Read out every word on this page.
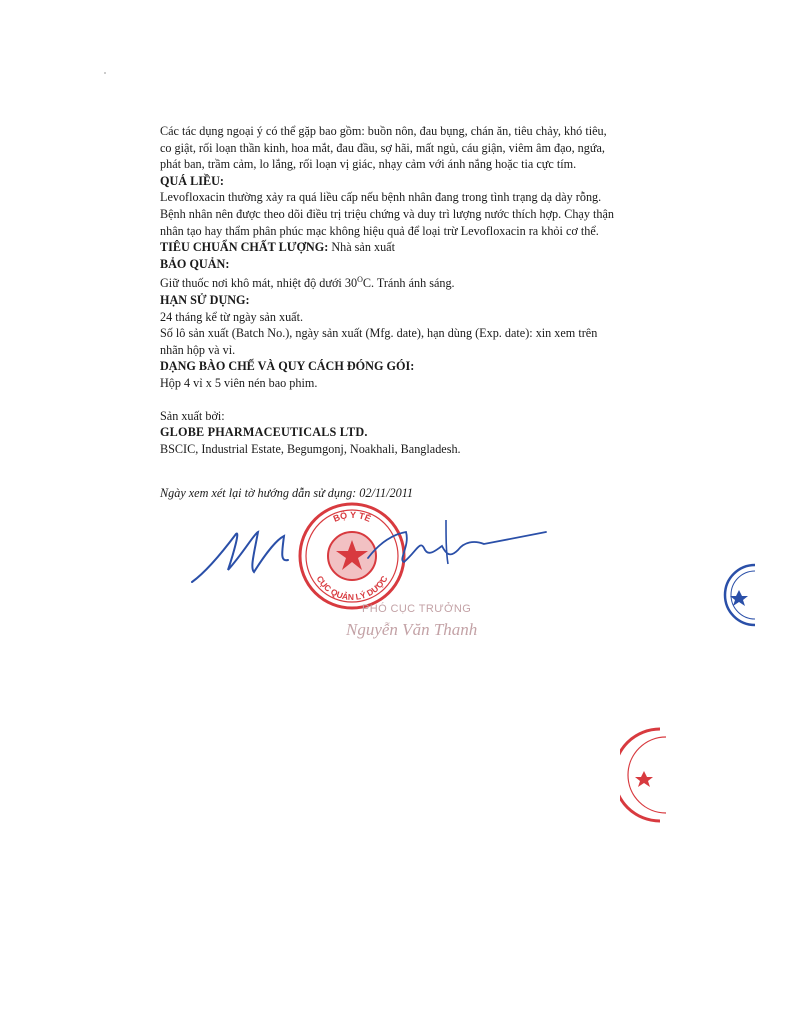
Các tác dụng ngoại ý có thể gặp bao gồm: buồn nôn, đau bụng, chán ăn, tiêu chảy, khó tiêu,

co giật, rối loạn thần kinh, hoa mắt, đau đầu, sợ hãi, mất ngủ, cáu giận, viêm âm đạo, ngứa,

phát ban, trầm cảm, lo lắng, rối loạn vị giác, nhạy cảm với ánh nắng hoặc tia cực tím.

QUÁ LIỀU:

Levofloxacin thường xảy ra quá liều cấp nếu bệnh nhân đang trong tình trạng dạ dày rỗng.

Bệnh nhân nên được theo dõi điều trị triệu chứng và duy trì lượng nước thích hợp. Chạy thận

nhân tạo hay thẩm phân phúc mạc không hiệu quả để loại trừ Levofloxacin ra khỏi cơ thể.

TIÊU CHUẨN CHẤT LƯỢNG: Nhà sản xuất

BẢO QUẢN:

Giữ thuốc nơi khô mát, nhiệt độ dưới $30^OC$. Tránh ánh sáng.

HẠN SỬ DỤNG:

24 tháng kể từ ngày sản xuất.

Số lô sản xuất (Batch No.), ngày sản xuất (Mfg. date), hạn dùng (Exp. date): xin xem trên

nhãn hộp và vỉ.

DẠNG BÀO CHẾ VÀ QUY CÁCH ĐÓNG GÓI:

Hộp 4 vỉ x 5 viên nén bao phim.

Sản xuất bởi:

GLOBE PHARMACEUTICALS LTD.

BSCIC, Industrial Estate, Begumgonj, Noakhali, Bangladesh.

Ngày xem xét lại tờ hướng dẫn sử dụng: 02/11/2011
BỘ Y TẾ
CỤC QUẢN LÝ DƯỢC
PHÓ CỤC TRƯỞNG
Nguyễn Văn Thanh
